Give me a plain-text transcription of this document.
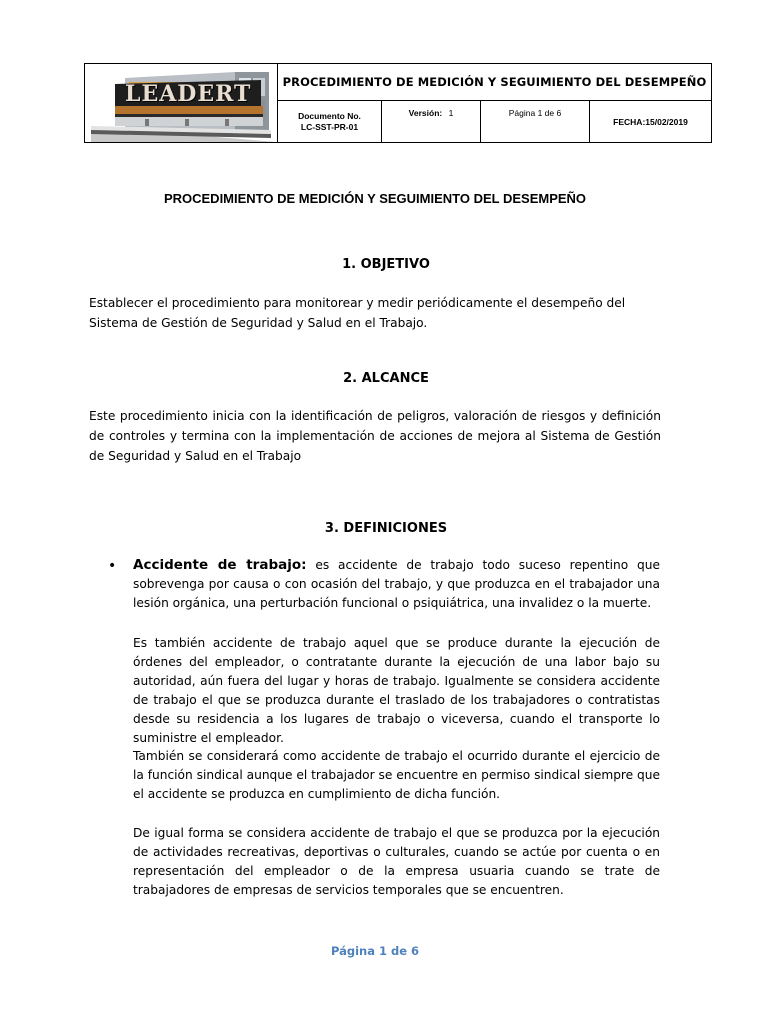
LEADERT	PROCEDIMIENTO DE MEDICIÓN Y SEGUIMIENTO DEL DESEMPEÑO
Documento No.
LC-SST-PR-01
Versión: 1	Página 1 de 6
FECHA:15/02/2019
PROCEDIMIENTO DE MEDICIÓN Y SEGUIMIENTO DEL DESEMPEÑO
1. OBJETIVO
Establecer el procedimiento para monitorear y medir periódicamente el desempeño del
Sistema de Gestión de Seguridad y Salud en el Trabajo.
2. ALCANCE
Este procedimiento inicia con la identificación de peligros, valoración de riesgos y definición de controles y termina con la implementación de acciones de mejora al Sistema de Gestión de Seguridad y Salud en el Trabajo
3. DEFINICIONES
• Accidente de trabajo: es accidente de trabajo todo suceso repentino que sobrevenga por causa o con ocasión del trabajo, y que produzca en el trabajador una lesión orgánica, una perturbación funcional o psiquiátrica, una invalidez o la muerte.
Es también accidente de trabajo aquel que se produce durante la ejecución de órdenes del empleador, o contratante durante la ejecución de una labor bajo su autoridad, aún fuera del lugar y horas de trabajo. Igualmente se considera accidente de trabajo el que se produzca durante el traslado de los trabajadores o contratistas desde su residencia a los lugares de trabajo o viceversa, cuando el transporte lo suministre el empleador.
También se considerará como accidente de trabajo el ocurrido durante el ejercicio de la función sindical aunque el trabajador se encuentre en permiso sindical siempre que el accidente se produzca en cumplimiento de dicha función.
De igual forma se considera accidente de trabajo el que se produzca por la ejecución de actividades recreativas, deportivas o culturales, cuando se actúe por cuenta o en representación del empleador o de la empresa usuaria cuando se trate de trabajadores de empresas de servicios temporales que se encuentren.
Página 1 de 6
